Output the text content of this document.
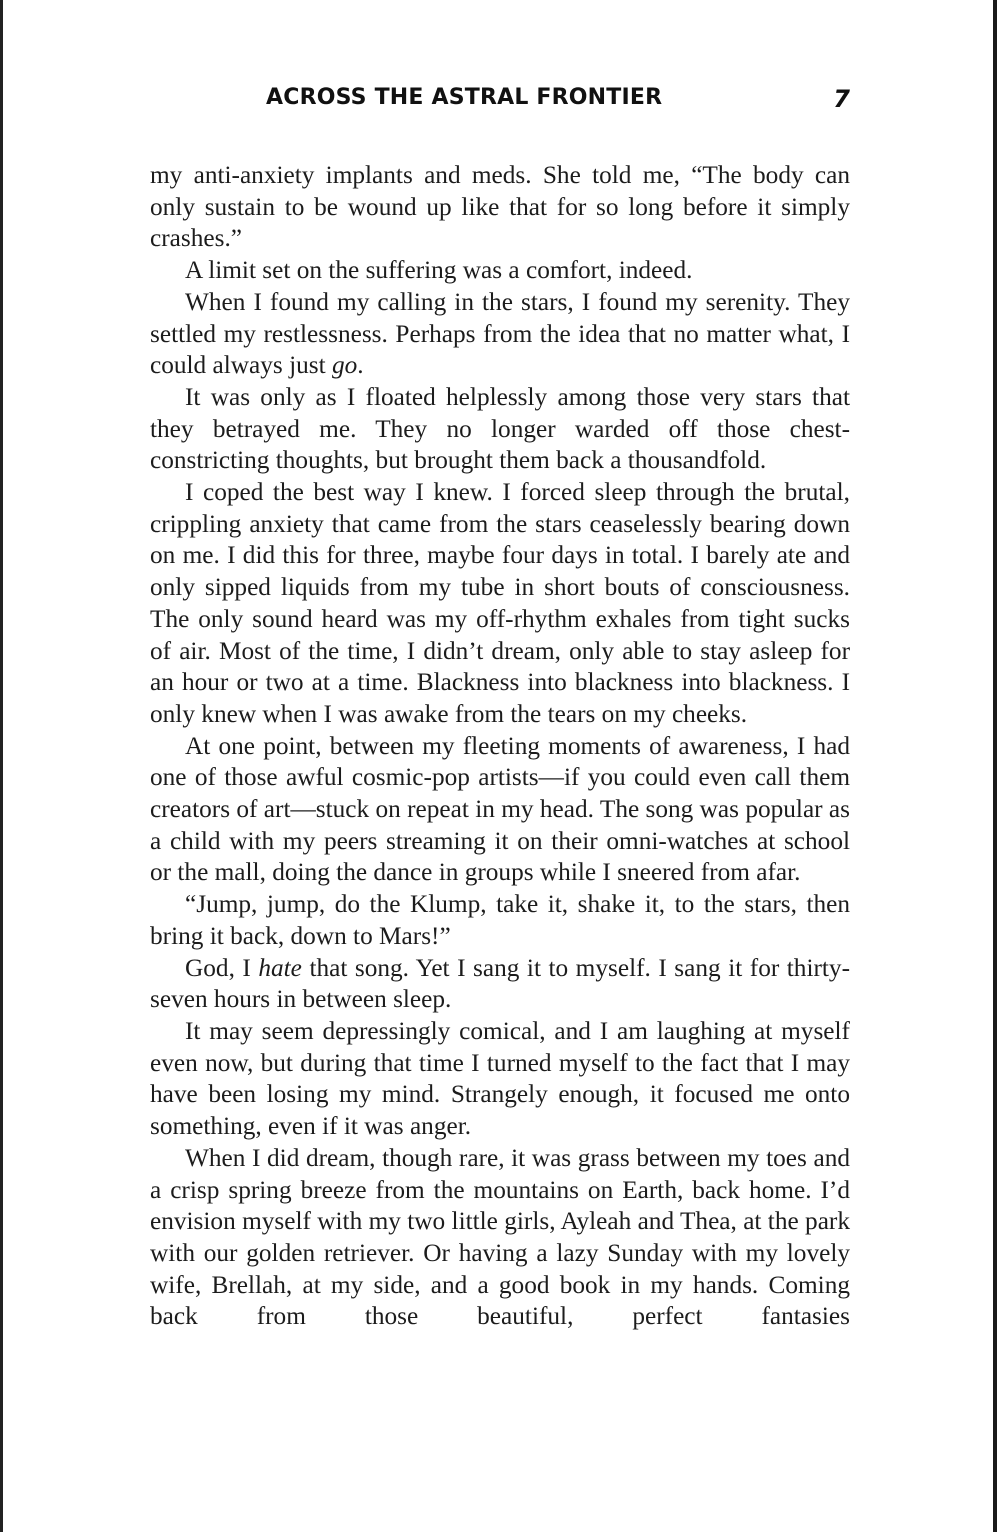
ACROSS THE ASTRAL FRONTIER	7

my anti-anxiety implants and meds. She told me, “The body can only sustain to be wound up like that for so long before it simply crashes.”

A limit set on the suffering was a comfort, indeed.

When I found my calling in the stars, I found my serenity. They settled my restlessness. Perhaps from the idea that no matter what, I could always just go.

It was only as I floated helplessly among those very stars that they betrayed me. They no longer warded off those chest-constricting thoughts, but brought them back a thousandfold.

I coped the best way I knew. I forced sleep through the brutal, crippling anxiety that came from the stars ceaselessly bearing down on me. I did this for three, maybe four days in total. I barely ate and only sipped liquids from my tube in short bouts of consciousness. The only sound heard was my off-rhythm exhales from tight sucks of air. Most of the time, I didn’t dream, only able to stay asleep for an hour or two at a time. Blackness into blackness into blackness. I only knew when I was awake from the tears on my cheeks.

At one point, between my fleeting moments of awareness, I had one of those awful cosmic-pop artists—if you could even call them creators of art—stuck on repeat in my head. The song was popular as a child with my peers streaming it on their omni-watches at school or the mall, doing the dance in groups while I sneered from afar.

“Jump, jump, do the Klump, take it, shake it, to the stars, then bring it back, down to Mars!”

God, I hate that song. Yet I sang it to myself. I sang it for thirty-seven hours in between sleep.

It may seem depressingly comical, and I am laughing at myself even now, but during that time I turned myself to the fact that I may have been losing my mind. Strangely enough, it focused me onto something, even if it was anger.

When I did dream, though rare, it was grass between my toes and a crisp spring breeze from the mountains on Earth, back home. I’d envision myself with my two little girls, Ayleah and Thea, at the park with our golden retriever. Or having a lazy Sunday with my lovely wife, Brellah, at my side, and a good book in my hands. Coming back from those beautiful, perfect fantasies
